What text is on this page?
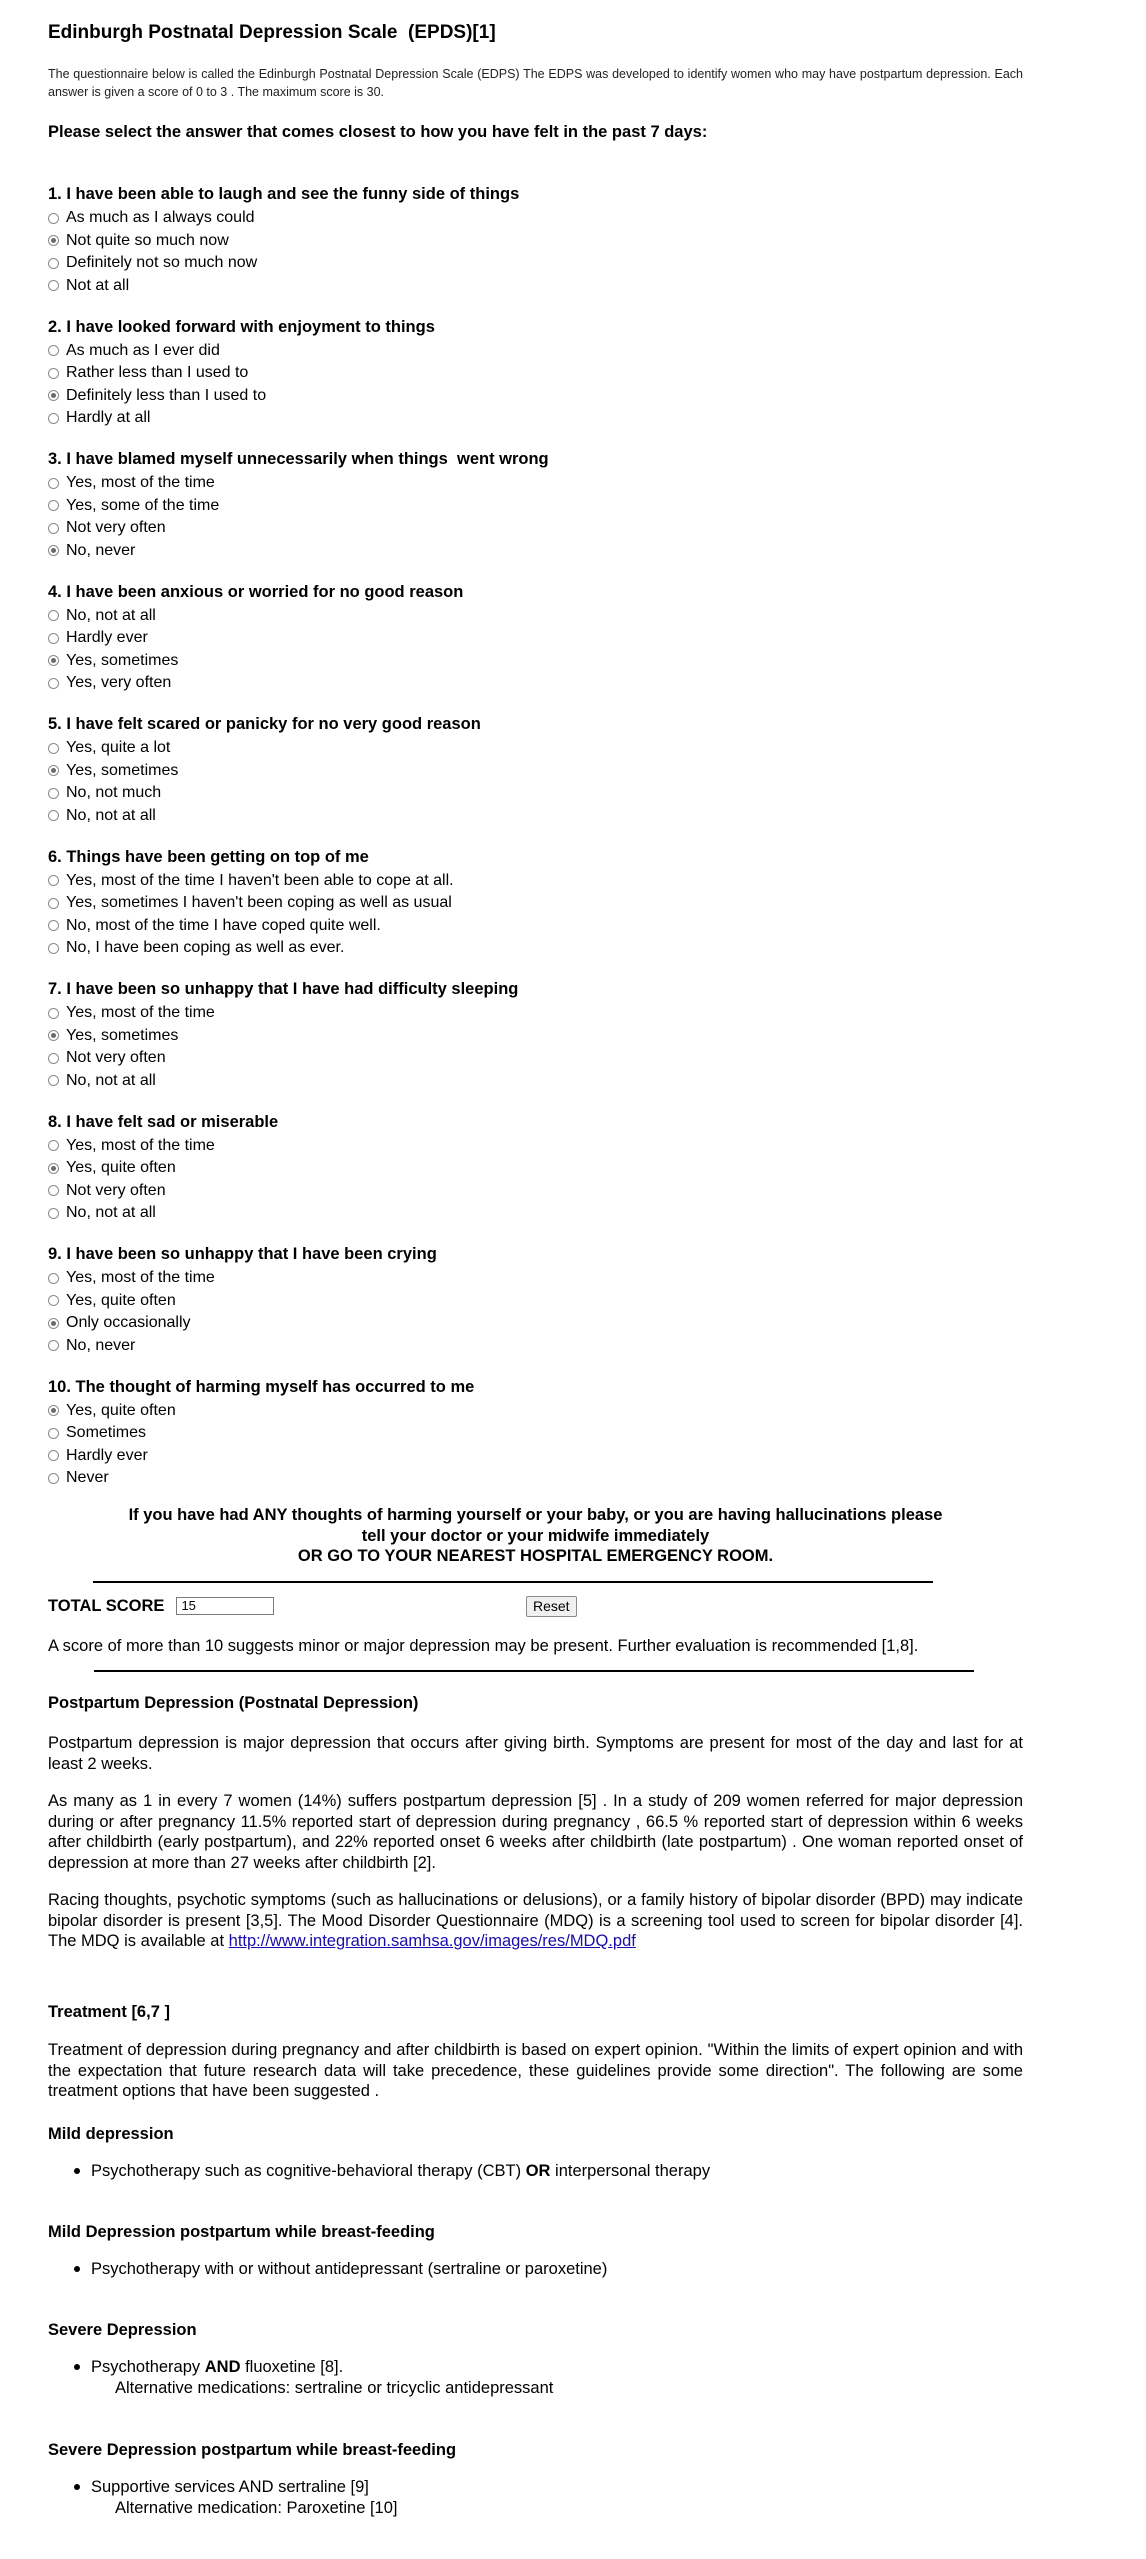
Edinburgh Postnatal Depression Scale  (EPDS)[1]
The questionnaire below is called the Edinburgh Postnatal Depression Scale (EDPS) The EDPS was developed to identify women who may have postpartum depression. Each answer is given a score of 0 to 3 . The maximum score is 30.
Please select the answer that comes closest to how you have felt in the past 7 days:
1. I have been able to laugh and see the funny side of things
As much as I always could
Not quite so much now
Definitely not so much now
Not at all
2. I have looked forward with enjoyment to things
As much as I ever did
Rather less than I used to
Definitely less than I used to
Hardly at all
3. I have blamed myself unnecessarily when things  went wrong
Yes, most of the time
Yes, some of the time
Not very often
No, never
4. I have been anxious or worried for no good reason
No, not at all
Hardly ever
Yes, sometimes
Yes, very often
5. I have felt scared or panicky for no very good reason
Yes, quite a lot
Yes, sometimes
No, not much
No, not at all
6. Things have been getting on top of me
Yes, most of the time I haven't been able to cope at all.
Yes, sometimes I haven't been coping as well as usual
No, most of the time I have coped quite well.
No, I have been coping as well as ever.
7. I have been so unhappy that I have had difficulty sleeping
Yes, most of the time
Yes, sometimes
Not very often
No, not at all
8. I have felt sad or miserable
Yes, most of the time
Yes, quite often
Not very often
No, not at all
9. I have been so unhappy that I have been crying
Yes, most of the time
Yes, quite often
Only occasionally
No, never
10. The thought of harming myself has occurred to me
Yes, quite often
Sometimes
Hardly ever
Never
If you have had ANY thoughts of harming yourself or your baby, or you are having hallucinations please
tell your doctor or your midwife immediately
OR GO TO YOUR NEAREST HOSPITAL EMERGENCY ROOM.
TOTAL SCORE
15	Reset
A score of more than 10 suggests minor or major depression may be present. Further evaluation is recommended [1,8].
Postpartum Depression (Postnatal Depression)
Postpartum depression is major depression that occurs after giving birth. Symptoms are present for most of the day and last for at least 2 weeks.
As many as 1 in every 7 women (14%) suffers postpartum depression [5] . In a study of 209 women referred for major depression during or after pregnancy 11.5% reported start of depression during pregnancy , 66.5 % reported start of depression within 6 weeks after childbirth (early postpartum), and 22% reported onset 6 weeks after childbirth (late postpartum) . One woman reported onset of depression at more than 27 weeks after childbirth [2].
Racing thoughts, psychotic symptoms (such as hallucinations or delusions), or a family history of bipolar disorder (BPD) may indicate bipolar disorder is present [3,5]. The Mood Disorder Questionnaire (MDQ) is a screening tool used to screen for bipolar disorder [4]. The MDQ is available at http://www.integration.samhsa.gov/images/res/MDQ.pdf
Treatment [6,7 ]
Treatment of depression during pregnancy and after childbirth is based on expert opinion. "Within the limits of expert opinion and with the expectation that future research data will take precedence, these guidelines provide some direction". The following are some treatment options that have been suggested .
Mild depression
Psychotherapy such as cognitive-behavioral therapy (CBT) OR interpersonal therapy
Mild Depression postpartum while breast-feeding
Psychotherapy with or without antidepressant (sertraline or paroxetine)
Severe Depression
Psychotherapy AND fluoxetine [8].
Alternative medications: sertraline or tricyclic antidepressant
Severe Depression postpartum while breast-feeding
Supportive services AND sertraline [9]
Alternative medication: Paroxetine [10]
